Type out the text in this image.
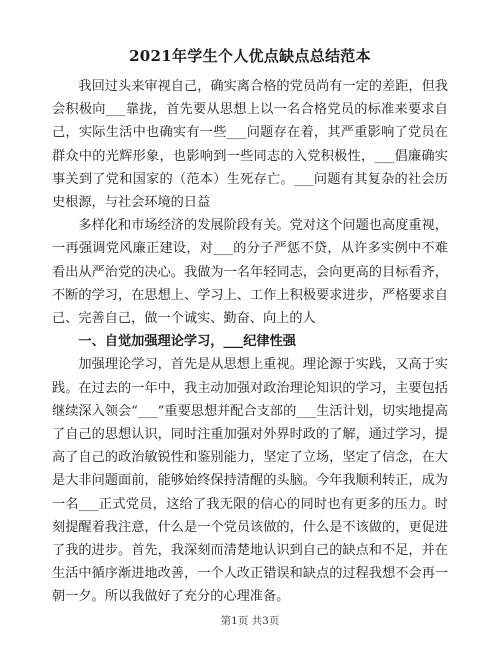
2021年学生个人优点缺点总结范本

我回过头来审视自己，确实离合格的党员尚有一定的差距，但我会积极向___靠拢，首先要从思想上以一名合格党员的标准来要求自己，实际生活中也确实有一些___问题存在着，其严重影响了党员在群众中的光辉形象，也影响到一些同志的入党积极性，___倡廉确实事关到了党和国家的（范本）生死存亡。___问题有其复杂的社会历史根源，与社会环境的日益

多样化和市场经济的发展阶段有关。党对这个问题也高度重视，一再强调党风廉正建设，对___的分子严惩不贷，从许多实例中不难看出从严治党的决心。我做为一名年轻同志，会向更高的目标看齐，不断的学习，在思想上、学习上、工作上积极要求进步，严格要求自己、完善自己，做一个诚实、勤奋、向上的人

一、自觉加强理论学习，___纪律性强

加强理论学习，首先是从思想上重视。理论源于实践，又高于实践。在过去的一年中，我主动加强对政治理论知识的学习，主要包括继续深入领会“___”重要思想并配合支部的___生活计划，切实地提高了自己的思想认识，同时注重加强对外界时政的了解，通过学习，提高了自己的政治敏锐性和鉴别能力，坚定了立场，坚定了信念，在大是大非问题面前，能够始终保持清醒的头脑。今年我顺利转正，成为一名___正式党员，这给了我无限的信心的同时也有更多的压力。时刻提醒着我注意，什么是一个党员该做的，什么是不该做的，更促进了我的进步。首先，我深刻而清楚地认识到自己的缺点和不足，并在生活中循序渐进地改善，一个人改正错误和缺点的过程我想不会再一朝一夕。所以我做好了充分的心理准备。

第1页 共3页
